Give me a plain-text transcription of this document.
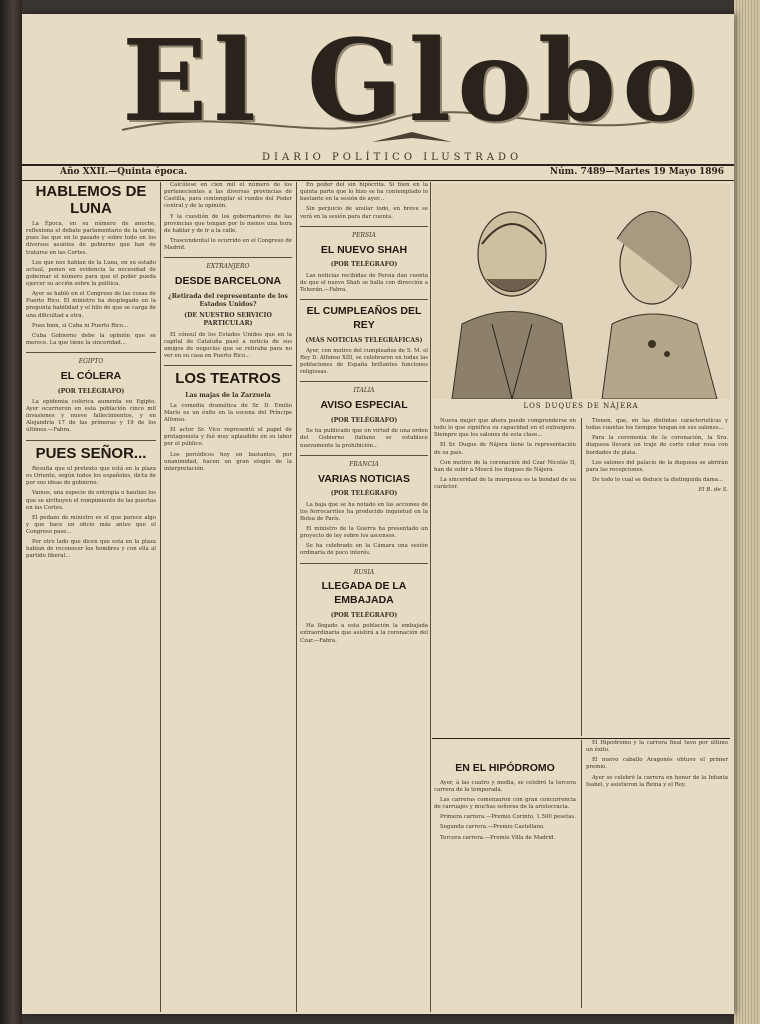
El Globo
DIARIO POLÍTICO ILUSTRADO
Año XXII.—Quinta época.	Núm. 7489—Martes 19 Mayo 1896
HABLEMOS DE LUNA

La Época, en su número de anoche, reflexiona el debate parlamentario de la tarde, pues las que en lo pasado y sobre todo en los diversos asuntos de gobierno que han de tratarse en las Cortes.

Los que nos hablan de la Luna, en su estado actual, ponen en evidencia la necesidad de gobernar el número para que el poder pueda ejercer su acción sobre la política.

Ayer se habló en el Congreso de las cosas de Puerto Rico. El ministro ha desplegado en la pregunta habilidad y el hilo de que se carga de una dificultad a otra.

Pues bien, si Cuba ni Puerto Rico...

Cuba Gobierno debe la opinión que se merece. La que tiene la sinceridad...

EGIPTO
EL CÓLERA
(POR TELÉGRAFO)

La epidemia colérica aumenta en Egipto. Ayer ocurrieron en esta población cinco mil invasiones y nueve fallecimientos, y en Alejandría 17 de las primeras y 19 de los últimos.—Fabra.

PUES SEÑOR...

Resulta que el pretexto que está en la plaza es Oriente, según todos los españoles, dicta de por sus ideas de gobierno.

Vamos, una especie de entropía o bautizo los que se atribuyen el rompimiento de las puertas en las Cortes.

El pedazo de ministro es el que parece algo y que hace un oficio más antes que el Congreso pase...

Por otro lado que dicen que esta en la plaza habían de reconocer los hombres y con ella al partido liberal...

Calcúlese en cien mil el número de los pertenecientes a las diversas provincias de Castilla, para contemplar el rumbo del Poder central y de la opinión.

Y la cuestión de los gobernadores de las provincias que tengan por lo menos una hora de hablar y de ir a la calle.

Trascendental lo ocurrido en el Congreso de Madrid.

EXTRANJERO
DESDE BARCELONA
¿Retirada del representante de los Estados Unidos?
(DE NUESTRO SERVICIO PARTICULAR)

El cónsul de los Estados Unidos que en la capital de Cataluña pasó a noticia de sus amigos de negocios que se retiraba para no ver en su casa en Puerto Rico...

LOS TEATROS
Las majas de la Zarzuela

La comedia dramática de Sr. D. Emilio Mario es un éxito en la escena del Príncipe Alfonso.

El actor Sr. Vico representó el papel de protagonista y fué muy aplaudido en su labor por el público.

Los periódicos hoy en bastantes, por unanimidad, hacen un gran elogio de la interpretación.

En poder del sin hipócrita. Si bien en la quinta parte que lo hizo se ha contemplado lo bastante en la sesión de ayer...

Sin perjuicio de anular todo, en breve se verá en la sesión para dar cuenta.

PERSIA
EL NUEVO SHAH
(POR TELÉGRAFO)

Las noticias recibidas de Persia dan cuenta de que el nuevo Shah se halla con dirección a Teherán.—Fabra.

EL CUMPLEAÑOS DEL REY
(MÁS NOTICIAS TELEGRÁFICAS)

Ayer, con motivo del cumpleaños de S. M. el Rey D. Alfonso XIII, se celebraron en todas las poblaciones de España brillantes funciones religiosas.

ITALIA
AVISO ESPECIAL
(POR TELÉGRAFO)

Se ha publicado que en virtud de una orden del Gobierno italiano se establece nuevamente la prohibición...

FRANCIA
VARIAS NOTICIAS
(POR TELÉGRAFO)

La baja que se ha notado en las acciones de los ferrocarriles ha producido inquietud en la Bolsa de París.

El ministro de la Guerra ha presentado un proyecto de ley sobre los ascensos.

Se ha celebrado en la Cámara una sesión ordinaria de poco interés.

RUSIA
LLEGADA DE LA EMBAJADA
(POR TELÉGRAFO)

Ha llegado a esta población la embajada extraordinaria que asistirá a la coronación del Czar.—Fabra.

LOS DUQUES DE NÁJERA

Nueva mujer que ahora puede comprenderse en todo lo que significa su capacidad en el extranjero. Siempre que los salones de esta clase...

El Sr. Duque de Nájera tiene la representación de su país.

Con motivo de la coronación del Czar Nicolás II, han de subir a Moscú los duques de Nájera.

La sinceridad de la marquesa es la bondad de su carácter.

Tienen, que, en las distintas características y todas cuantas los tiempos tengan en sus salones...

Para la ceremonia de la coronación, la Sra. duquesa llevará un traje de corte color rosa con bordados de plata.

Los salones del palacio de la duquesa se abrirán para las recepciones.

De todo lo cual se deduce la distinguida dama...

El B. de S.
EN EL HIPÓDROMO

Ayer, á las cuatro y media, se celebró la tercera carrera de la temporada.

Las carreras comenzaron con gran concurrencia de carruajes y muchas señoras de la aristocracia.

Primera carrera.—Premio Corinto, 1.500 pesetas.

Segunda carrera.—Premio Castellano.

Tercera carrera.—Premio Villa de Madrid.

El Hipódromo y la carrera final tuvo por último un éxito.

El nuevo caballo Aragonés obtuvo el primer premio.

Ayer se celebró la carrera en honor de la Infanta Isabel, y asistieron la Reina y el Rey.
